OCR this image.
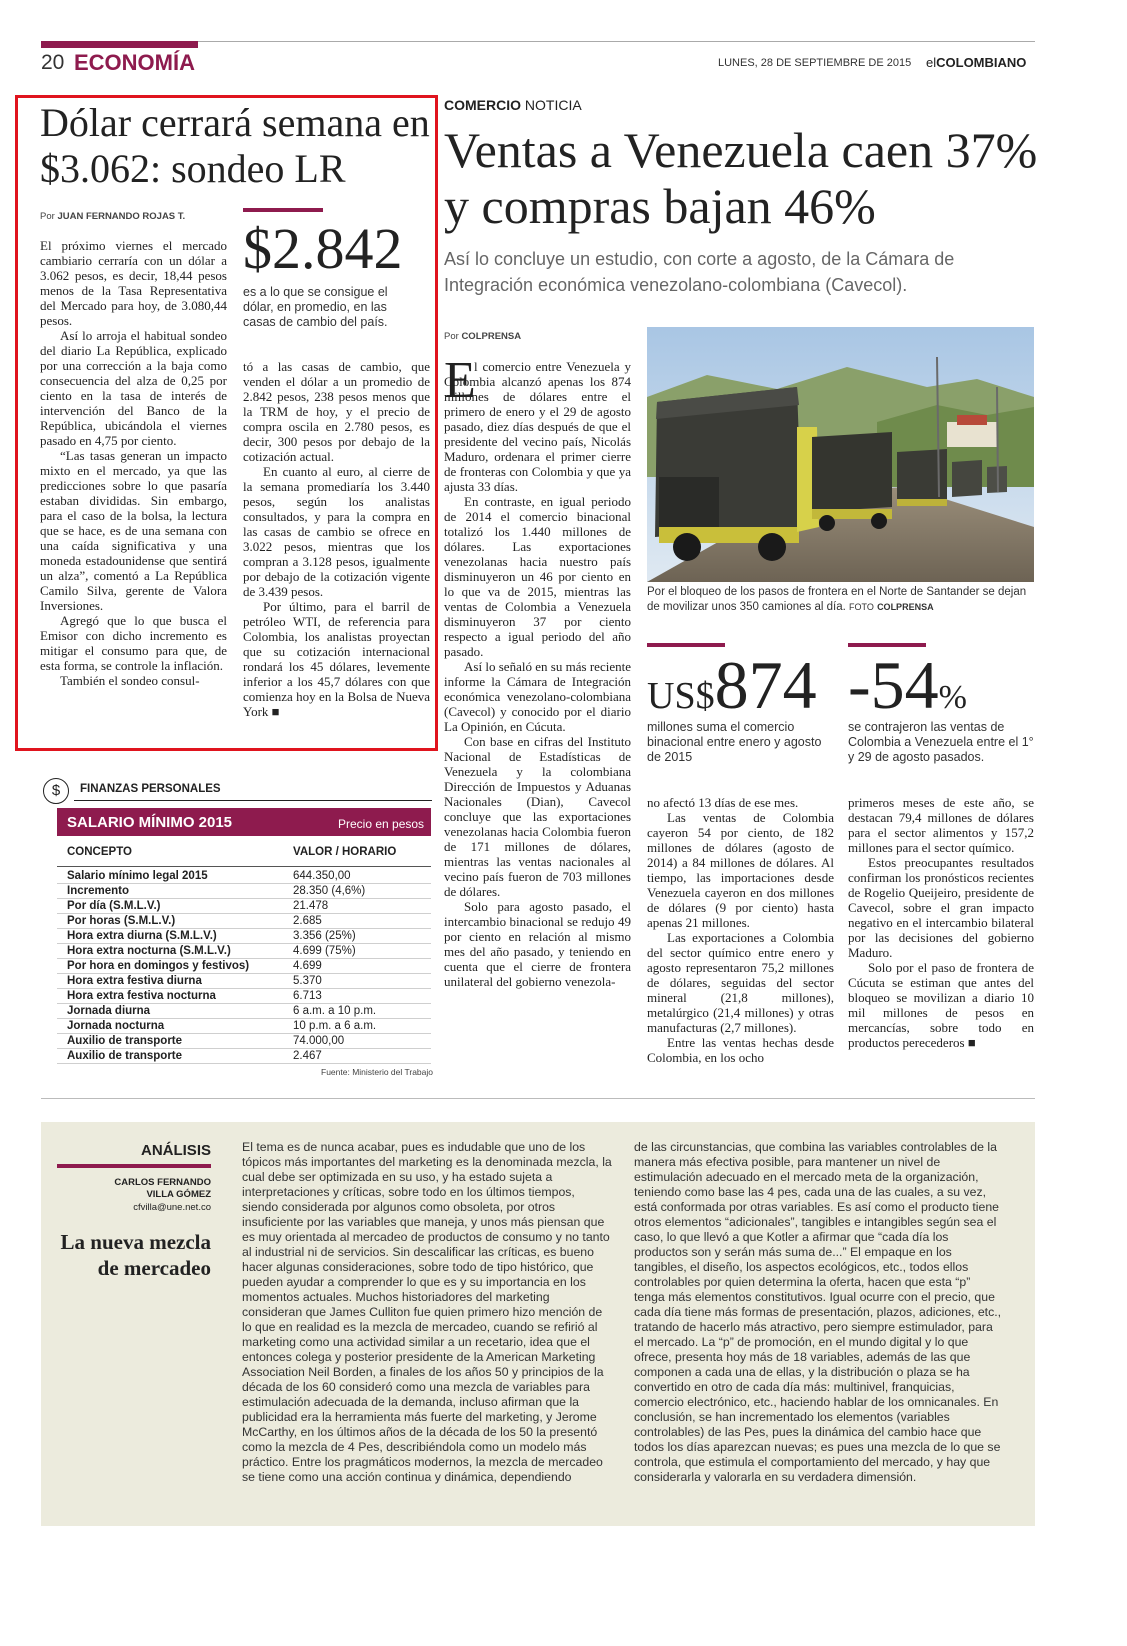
20 ECONOMÍA	LUNES, 28 DE SEPTIEMBRE DE 2015 elCOLOMBIANO
Dólar cerrará semana en $3.062: sondeo LR
Por JUAN FERNANDO ROJAS T. $2.842
es a lo que se consigue el dólar, en promedio, en las casas de cambio del país.

El próximo viernes el mercado cambiario cerraría con un dólar a 3.062 pesos, es decir, 18,44 pesos menos de la Tasa Representativa del Mercado para hoy, de 3.080,44 pesos.

Así lo arroja el habitual sondeo del diario La República, explicado por una corrección a la baja como consecuencia del alza de 0,25 por ciento en la tasa de interés de intervención del Banco de la República, ubicándola el viernes pasado en 4,75 por ciento.

“Las tasas generan un impacto mixto en el mercado, ya que las predicciones sobre lo que pasaría estaban divididas. Sin embargo, para el caso de la bolsa, la lectura que se hace, es de una semana con una caída significativa y una moneda estadounidense que sentirá un alza”, comentó a La República Camilo Silva, gerente de Valora Inversiones.

Agregó que lo que busca el Emisor con dicho incremento es mitigar el consumo para que, de esta forma, se controle la inflación.

También el sondeo consul-

tó a las casas de cambio, que venden el dólar a un promedio de 2.842 pesos, 238 pesos menos que la TRM de hoy, y el precio de compra oscila en 2.780 pesos, es decir, 300 pesos por debajo de la cotización actual.

En cuanto al euro, al cierre de la semana promediaría los 3.440 pesos, según los analistas consultados, y para la compra en las casas de cambio se ofrece en 3.022 pesos, mientras que los compran a 3.128 pesos, igualmente por debajo de la cotización vigente de 3.439 pesos.

Por último, para el barril de petróleo WTI, de referencia para Colombia, los analistas proyectan que su cotización internacional rondará los 45 dólares, levemente inferior a los 45,7 dólares con que comienza hoy en la Bolsa de Nueva York ■

$	FINANZAS PERSONALES
SALARIO MÍNIMO 2015	Precio en pesos
CONCEPTO	VALOR / HORARIO
Salario mínimo legal 2015	644.350,00
Incremento	28.350 (4,6%)
Por día (S.M.L.V.)	21.478
Por horas (S.M.L.V.)	2.685
Hora extra diurna (S.M.L.V.)	3.356 (25%)
Hora extra nocturna (S.M.L.V.)	4.699 (75%)
Por hora en domingos y festivos)	4.699
Hora extra festiva diurna	5.370
Hora extra festiva nocturna	6.713
Jornada diurna	6 a.m. a 10 p.m.
Jornada nocturna	10 p.m. a 6 a.m.
Auxilio de transporte	74.000,00
Auxilio de transporte	2.467
Fuente: Ministerio del Trabajo
COMERCIO NOTICIA
Ventas a Venezuela caen 37% y compras bajan 46%
Así lo concluye un estudio, con corte a agosto, de la Cámara de Integración económica venezolano-colombiana (Cavecol).
Por COLPRENSA
Por el bloqueo de los pasos de frontera en el Norte de Santander se dejan de movilizar unos 350 camiones al día. FOTO COLPRENSA
E

l comercio entre Venezuela y Colombia alcanzó apenas los 874 millones de dólares entre el primero de enero y el 29 de agosto pasado, diez días después de que el presidente del vecino país, Nicolás Maduro, ordenara el primer cierre de fronteras con Colombia y que ya ajusta 33 días.

En contraste, en igual periodo de 2014 el comercio binacional totalizó los 1.440 millones de dólares. Las exportaciones venezolanas hacia nuestro país disminuyeron un 46 por ciento en lo que va de 2015, mientras las ventas de Colombia a Venezuela disminuyeron 37 por ciento respecto a igual periodo del año pasado.

Así lo señaló en su más reciente informe la Cámara de Integración económica venezolano-colombiana (Cavecol) y conocido por el diario La Opinión, en Cúcuta.

Con base en cifras del Instituto Nacional de Estadísticas de Venezuela y la colombiana Dirección de Impuestos y Aduanas Nacionales (Dian), Cavecol concluye que las exportaciones venezolanas hacia Colombia fueron de 171 millones de dólares, mientras las ventas nacionales al vecino país fueron de 703 millones de dólares.

Solo para agosto pasado, el intercambio binacional se redujo 49 por ciento en relación al mismo mes del año pasado, y teniendo en cuenta que el cierre de frontera unilateral del gobierno venezola-

US$874
millones suma el comercio binacional entre enero y agosto de 2015
-54%
se contrajeron las ventas de Colombia a Venezuela entre el 1° y 29 de agosto pasados.

no afectó 13 días de ese mes.

Las ventas de Colombia cayeron 54 por ciento, de 182 millones de dólares (agosto de 2014) a 84 millones de dólares. Al tiempo, las importaciones desde Venezuela cayeron en dos millones de dólares (9 por ciento) hasta apenas 21 millones.

Las exportaciones a Colombia del sector químico entre enero y agosto representaron 75,2 millones de dólares, seguidas del sector mineral (21,8 millones), metalúrgico (21,4 millones) y otras manufacturas (2,7 millones).

Entre las ventas hechas desde Colombia, en los ocho

primeros meses de este año, se destacan 79,4 millones de dólares para el sector alimentos y 157,2 millones para el sector químico.

Estos preocupantes resultados confirman los pronósticos recientes de Rogelio Queijeiro, presidente de Cavecol, sobre el gran impacto negativo en el intercambio bilateral por las decisiones del gobierno Maduro.

Solo por el paso de frontera de Cúcuta se estiman que antes del bloqueo se movilizan a diario 10 mil millones de pesos en mercancías, sobre todo en productos perecederos ■

ANÁLISIS
CARLOS FERNANDO
VILLA GÓMEZ
cfvilla@une.net.co
La nueva mezcla de mercadeo
El tema es de nunca acabar, pues es indudable que uno de los tópicos más importantes del marketing es la denominada mezcla, la cual debe ser optimizada en su uso, y ha estado sujeta a interpretaciones y críticas, sobre todo en los últimos tiempos, siendo considerada por algunos como obsoleta, por otros insuficiente por las variables que maneja, y unos más piensan que es muy orientada al mercadeo de productos de consumo y no tanto al industrial ni de servicios. Sin descalificar las críticas, es bueno hacer algunas consideraciones, sobre todo de tipo histórico, que pueden ayudar a comprender lo que es y su importancia en los momentos actuales. Muchos historiadores del marketing consideran que James Culliton fue quien primero hizo mención de lo que en realidad es la mezcla de mercadeo, cuando se refirió al marketing como una actividad similar a un recetario, idea que el entonces colega y posterior presidente de la American Marketing Association Neil Borden, a finales de los años 50 y principios de la década de los 60 consideró como una mezcla de variables para estimulación adecuada de la demanda, incluso afirman que la publicidad era la herramienta más fuerte del marketing, y Jerome McCarthy, en los últimos años de la década de los 50 la presentó como la mezcla de 4 Pes, describiéndola como un modelo más práctico. Entre los pragmáticos modernos, la mezcla de mercadeo se tiene como una acción continua y dinámica, dependiendo
de las circunstancias, que combina las variables controlables de la manera más efectiva posible, para mantener un nivel de estimulación adecuado en el mercado meta de la organización, teniendo como base las 4 pes, cada una de las cuales, a su vez, está conformada por otras variables. Es así como el producto tiene otros elementos “adicionales”, tangibles e intangibles según sea el caso, lo que llevó a que Kotler a afirmar que “cada día los productos son y serán más suma de...” El empaque en los tangibles, el diseño, los aspectos ecológicos, etc., todos ellos controlables por quien determina la oferta, hacen que esta “p” tenga más elementos constitutivos. Igual ocurre con el precio, que cada día tiene más formas de presentación, plazos, adiciones, etc., tratando de hacerlo más atractivo, pero siempre estimulador, para el mercado. La “p” de promoción, en el mundo digital y lo que ofrece, presenta hoy más de 18 variables, además de las que componen a cada una de ellas, y la distribución o plaza se ha convertido en otro de cada día más: multinivel, franquicias, comercio electrónico, etc., haciendo hablar de los omnicanales. En conclusión, se han incrementado los elementos (variables controlables) de las Pes, pues la dinámica del cambio hace que todos los días aparezcan nuevas; es pues una mezcla de lo que se controla, que estimula el comportamiento del mercado, y hay que considerarla y valorarla en su verdadera dimensión.
